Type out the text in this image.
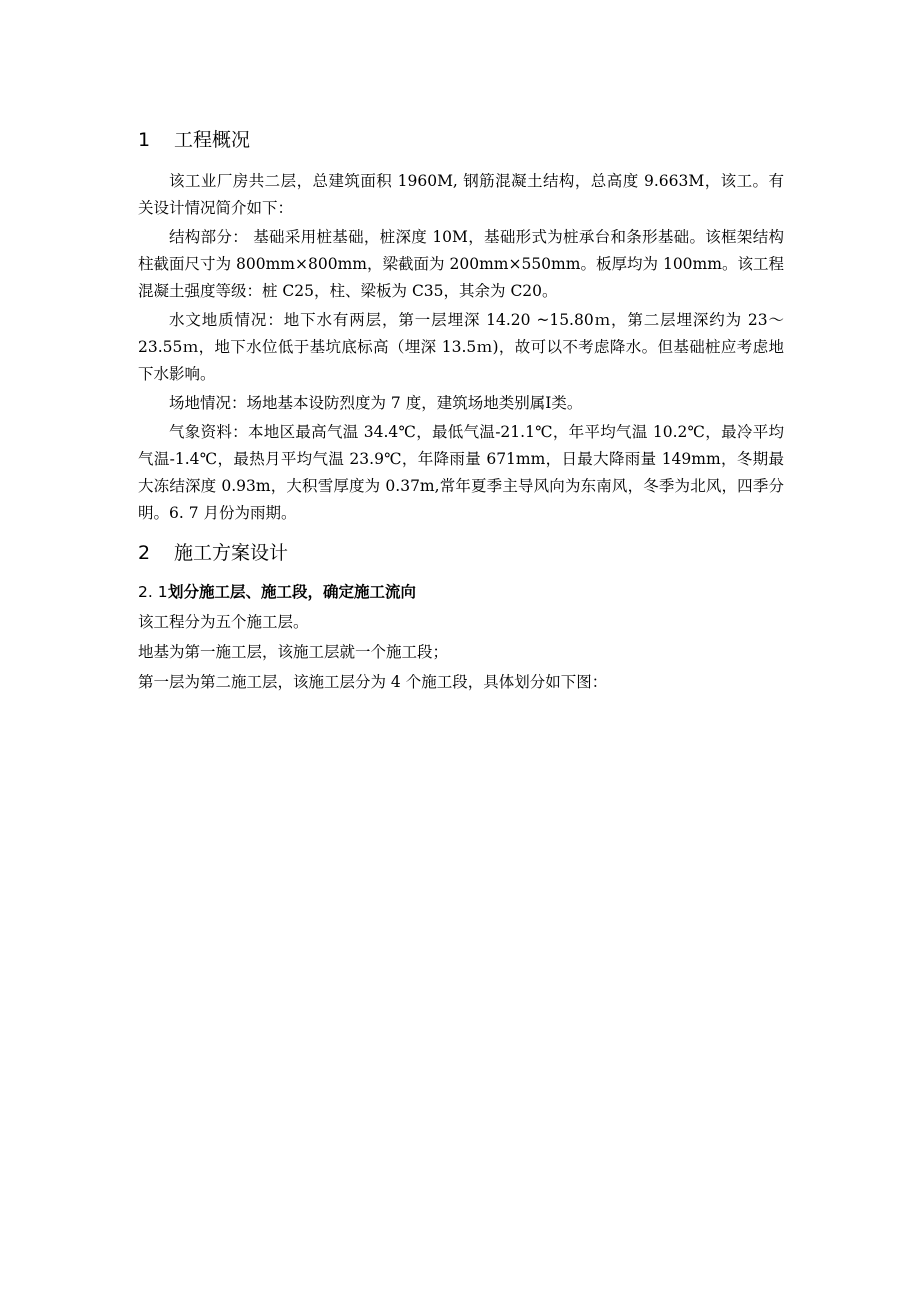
1 工程概况

该工业厂房共二层，总建筑面积 1960M, 钢筋混凝土结构，总高度 9.663M，该工。有关设计情况简介如下：

结构部分： 基础采用桩基础，桩深度 10M，基础形式为桩承台和条形基础。该框架结构柱截面尺寸为 800mm×800mm，梁截面为 200mm×550mm。板厚均为 100mm。该工程混凝土强度等级：桩 C25，柱、梁板为 C35，其余为 C20。

水文地质情况：地下水有两层，第一层埋深 14.20 ~15.80ｍ，第二层埋深约为 23～23.55ｍ，地下水位低于基坑底标高（埋深 13.5ｍ)，故可以不考虑降水。但基础桩应考虑地下水影响。

场地情况：场地基本设防烈度为 7 度，建筑场地类别属Ⅰ类。

气象资料：本地区最高气温 34.4℃，最低气温-21.1℃，年平均气温 10.2℃，最冷平均气温-1.4℃，最热月平均气温 23.9℃，年降雨量 671mm，日最大降雨量 149mm，冬期最大冻结深度 0.93m，大积雪厚度为 0.37m,常年夏季主导风向为东南风，冬季为北风，四季分明。6. 7 月份为雨期。

2 施工方案设计
2. 1划分施工层、施工段，确定施工流向

该工程分为五个施工层。

地基为第一施工层，该施工层就一个施工段；

第一层为第二施工层，该施工层分为 4 个施工段，具体划分如下图：
